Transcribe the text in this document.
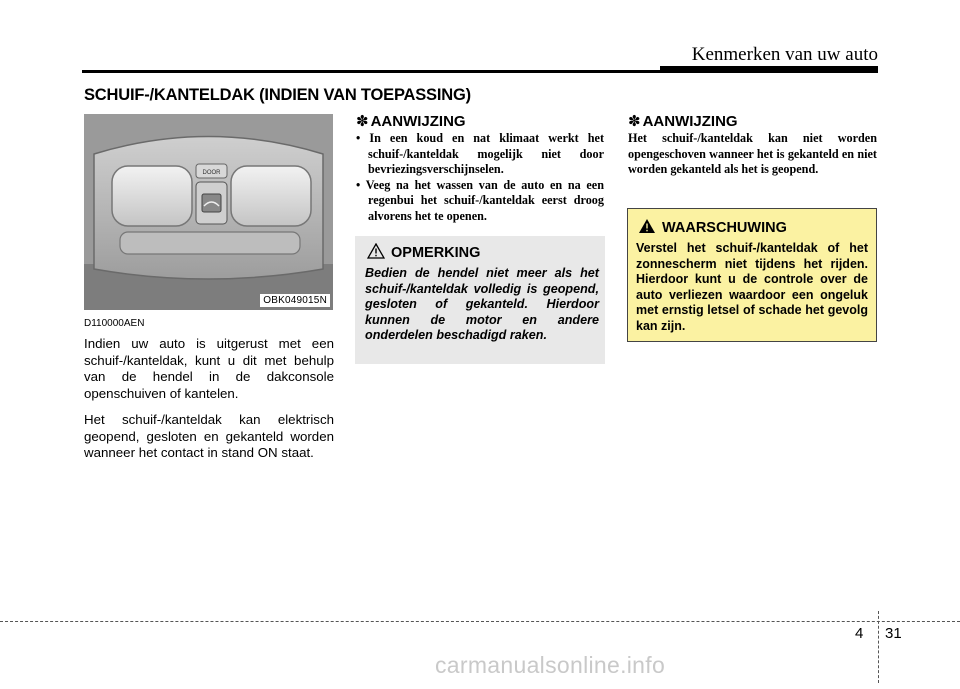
Kenmerken van uw auto
SCHUIF-/KANTELDAK (INDIEN VAN TOEPASSING)
DOOR
OBK049015N
D110000AEN
Indien uw auto is uitgerust met een schuif-/kanteldak, kunt u dit met behulp van de hendel in de dakconsole openschuiven of kantelen.
Het schuif-/kanteldak kan elektrisch geopend, gesloten en gekanteld worden wanneer het contact in stand ON staat.
✽ AANWIJZING
• In een koud en nat klimaat werkt het schuif-/kanteldak mogelijk niet door bevriezingsverschijnselen.
• Veeg na het wassen van de auto en na een regenbui het schuif-/kanteldak eerst droog alvorens het te openen.
OPMERKING
Bedien de hendel niet meer als het schuif-/kanteldak volledig is geopend, gesloten of gekanteld. Hierdoor kunnen de motor en andere onderdelen beschadigd raken.
✽ AANWIJZING
Het schuif-/kanteldak kan niet worden opengeschoven wanneer het is gekanteld en niet worden gekanteld als het is geopend.
WAARSCHUWING
Verstel het schuif-/kanteldak of het zonnescherm niet tijdens het rijden. Hierdoor kunt u de controle over de auto verliezen waardoor een ongeluk met ernstig letsel of schade het gevolg kan zijn.
4 31
carmanualsonline.info
